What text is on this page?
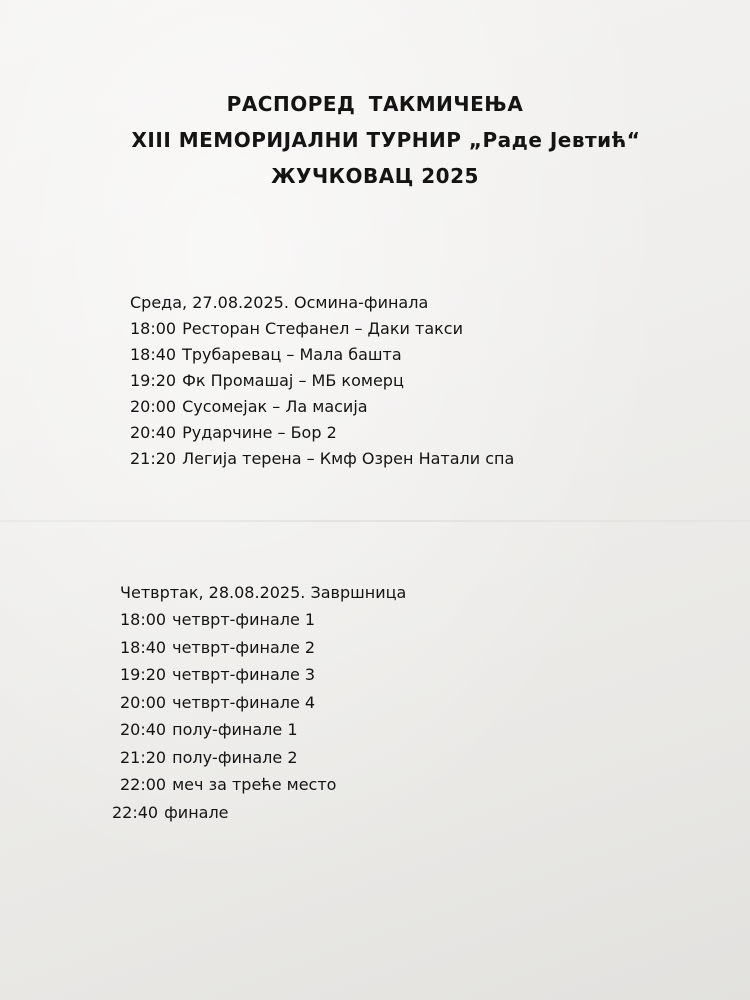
РАСПОРЕД ТАКМИЧЕЊА
XIII МЕМОРИЈАЛНИ ТУРНИР „Раде Јевтић“
ЖУЧКОВАЦ 2025
Среда, 27.08.2025. Осмина-финала
18:00 Ресторан Стефанел – Даки такси
18:40 Трубаревац – Мала башта
19:20 Фк Промашај – МБ комерц
20:00 Сусомејак – Ла масија
20:40 Рударчине – Бор 2
21:20 Легија терена – Кмф Озрен Натали спа
Четвртак, 28.08.2025. Завршница
18:00 четврт-финале 1
18:40 четврт-финале 2
19:20 четврт-финале 3
20:00 четврт-финале 4
20:40 полу-финале 1
21:20 полу-финале 2
22:00 меч за треће место
22:40 финале
